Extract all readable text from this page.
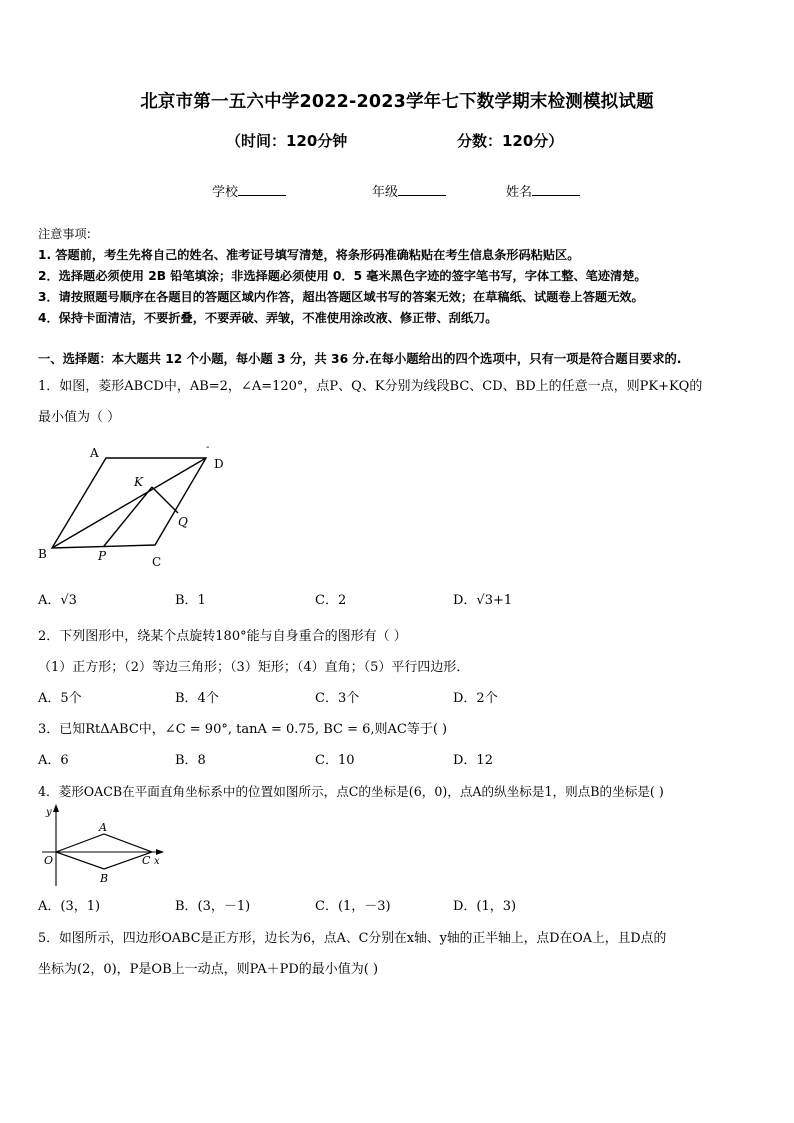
北京市第一五六中学2022-2023学年七下数学期末检测模拟试题
（时间：120分钟	分数：120分）
学校	年级	姓名
注意事项:
1. 答题前，考生先将自己的姓名、准考证号填写清楚，将条形码准确粘贴在考生信息条形码粘贴区。
2．选择题必须使用 2B 铅笔填涂；非选择题必须使用 0．5 毫米黑色字迹的签字笔书写，字体工整、笔迹清楚。
3．请按照题号顺序在各题目的答题区域内作答，超出答题区域书写的答案无效；在草稿纸、试题卷上答题无效。
4．保持卡面清洁，不要折叠，不要弄破、弄皱，不准使用涂改液、修正带、刮纸刀。
一、选择题：本大题共 12 个小题，每小题 3 分，共 36 分.在每小题给出的四个选项中，只有一项是符合题目要求的.
1．如图，菱形ABCD中，AB=2，∠A=120°，点P、Q、K分别为线段BC、CD、BD上的任意一点，则PK+KQ的
最小值为（ ）
A
D
-
B
C
K
P
Q
A．√3	B．1	C．2	D．√3+1
2．下列图形中，绕某个点旋转180°能与自身重合的图形有（ ）
（1）正方形；（2）等边三角形；（3）矩形；（4）直角；（5）平行四边形．
A．5个	B．4个	C．3个	D．2个
3．已知RtΔABC中，∠C = 90°, tanA = 0.75, BC = 6,则AC等于( )
A．6	B．8	C．10	D．12
4．菱形OACB在平面直角坐标系中的位置如图所示，点C的坐标是(6，0)，点A的纵坐标是1，则点B的坐标是( )
y
x
O
A
B
C
A．(3，1)	B．(3，－1)	C．(1，－3)	D．(1，3)
5．如图所示，四边形OABC是正方形，边长为6，点A、C分别在x轴、y轴的正半轴上，点D在OA上，且D点的
坐标为(2，0)，P是OB上一动点，则PA＋PD的最小值为( )
